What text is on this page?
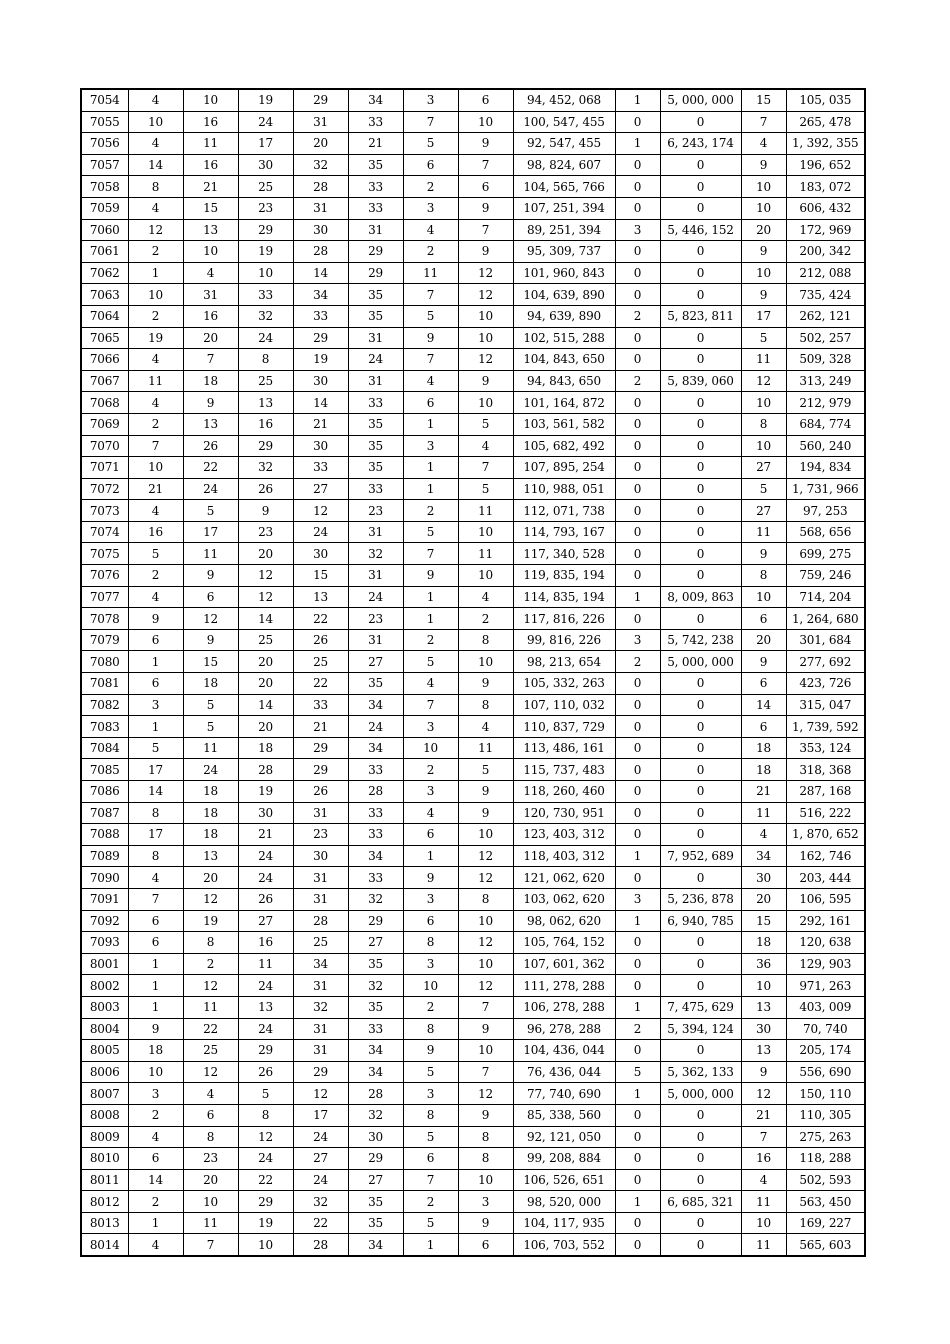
7054	4	10	19	29	34	3	6	94, 452, 068	1	5, 000, 000	15	105, 035
7055	10	16	24	31	33	7	10	100, 547, 455	0	0	7	265, 478
7056	4	11	17	20	21	5	9	92, 547, 455	1	6, 243, 174	4	1, 392, 355
7057	14	16	30	32	35	6	7	98, 824, 607	0	0	9	196, 652
7058	8	21	25	28	33	2	6	104, 565, 766	0	0	10	183, 072
7059	4	15	23	31	33	3	9	107, 251, 394	0	0	10	606, 432
7060	12	13	29	30	31	4	7	89, 251, 394	3	5, 446, 152	20	172, 969
7061	2	10	19	28	29	2	9	95, 309, 737	0	0	9	200, 342
7062	1	4	10	14	29	11	12	101, 960, 843	0	0	10	212, 088
7063	10	31	33	34	35	7	12	104, 639, 890	0	0	9	735, 424
7064	2	16	32	33	35	5	10	94, 639, 890	2	5, 823, 811	17	262, 121
7065	19	20	24	29	31	9	10	102, 515, 288	0	0	5	502, 257
7066	4	7	8	19	24	7	12	104, 843, 650	0	0	11	509, 328
7067	11	18	25	30	31	4	9	94, 843, 650	2	5, 839, 060	12	313, 249
7068	4	9	13	14	33	6	10	101, 164, 872	0	0	10	212, 979
7069	2	13	16	21	35	1	5	103, 561, 582	0	0	8	684, 774
7070	7	26	29	30	35	3	4	105, 682, 492	0	0	10	560, 240
7071	10	22	32	33	35	1	7	107, 895, 254	0	0	27	194, 834
7072	21	24	26	27	33	1	5	110, 988, 051	0	0	5	1, 731, 966
7073	4	5	9	12	23	2	11	112, 071, 738	0	0	27	97, 253
7074	16	17	23	24	31	5	10	114, 793, 167	0	0	11	568, 656
7075	5	11	20	30	32	7	11	117, 340, 528	0	0	9	699, 275
7076	2	9	12	15	31	9	10	119, 835, 194	0	0	8	759, 246
7077	4	6	12	13	24	1	4	114, 835, 194	1	8, 009, 863	10	714, 204
7078	9	12	14	22	23	1	2	117, 816, 226	0	0	6	1, 264, 680
7079	6	9	25	26	31	2	8	99, 816, 226	3	5, 742, 238	20	301, 684
7080	1	15	20	25	27	5	10	98, 213, 654	2	5, 000, 000	9	277, 692
7081	6	18	20	22	35	4	9	105, 332, 263	0	0	6	423, 726
7082	3	5	14	33	34	7	8	107, 110, 032	0	0	14	315, 047
7083	1	5	20	21	24	3	4	110, 837, 729	0	0	6	1, 739, 592
7084	5	11	18	29	34	10	11	113, 486, 161	0	0	18	353, 124
7085	17	24	28	29	33	2	5	115, 737, 483	0	0	18	318, 368
7086	14	18	19	26	28	3	9	118, 260, 460	0	0	21	287, 168
7087	8	18	30	31	33	4	9	120, 730, 951	0	0	11	516, 222
7088	17	18	21	23	33	6	10	123, 403, 312	0	0	4	1, 870, 652
7089	8	13	24	30	34	1	12	118, 403, 312	1	7, 952, 689	34	162, 746
7090	4	20	24	31	33	9	12	121, 062, 620	0	0	30	203, 444
7091	7	12	26	31	32	3	8	103, 062, 620	3	5, 236, 878	20	106, 595
7092	6	19	27	28	29	6	10	98, 062, 620	1	6, 940, 785	15	292, 161
7093	6	8	16	25	27	8	12	105, 764, 152	0	0	18	120, 638
8001	1	2	11	34	35	3	10	107, 601, 362	0	0	36	129, 903
8002	1	12	24	31	32	10	12	111, 278, 288	0	0	10	971, 263
8003	1	11	13	32	35	2	7	106, 278, 288	1	7, 475, 629	13	403, 009
8004	9	22	24	31	33	8	9	96, 278, 288	2	5, 394, 124	30	70, 740
8005	18	25	29	31	34	9	10	104, 436, 044	0	0	13	205, 174
8006	10	12	26	29	34	5	7	76, 436, 044	5	5, 362, 133	9	556, 690
8007	3	4	5	12	28	3	12	77, 740, 690	1	5, 000, 000	12	150, 110
8008	2	6	8	17	32	8	9	85, 338, 560	0	0	21	110, 305
8009	4	8	12	24	30	5	8	92, 121, 050	0	0	7	275, 263
8010	6	23	24	27	29	6	8	99, 208, 884	0	0	16	118, 288
8011	14	20	22	24	27	7	10	106, 526, 651	0	0	4	502, 593
8012	2	10	29	32	35	2	3	98, 520, 000	1	6, 685, 321	11	563, 450
8013	1	11	19	22	35	5	9	104, 117, 935	0	0	10	169, 227
8014	4	7	10	28	34	1	6	106, 703, 552	0	0	11	565, 603
